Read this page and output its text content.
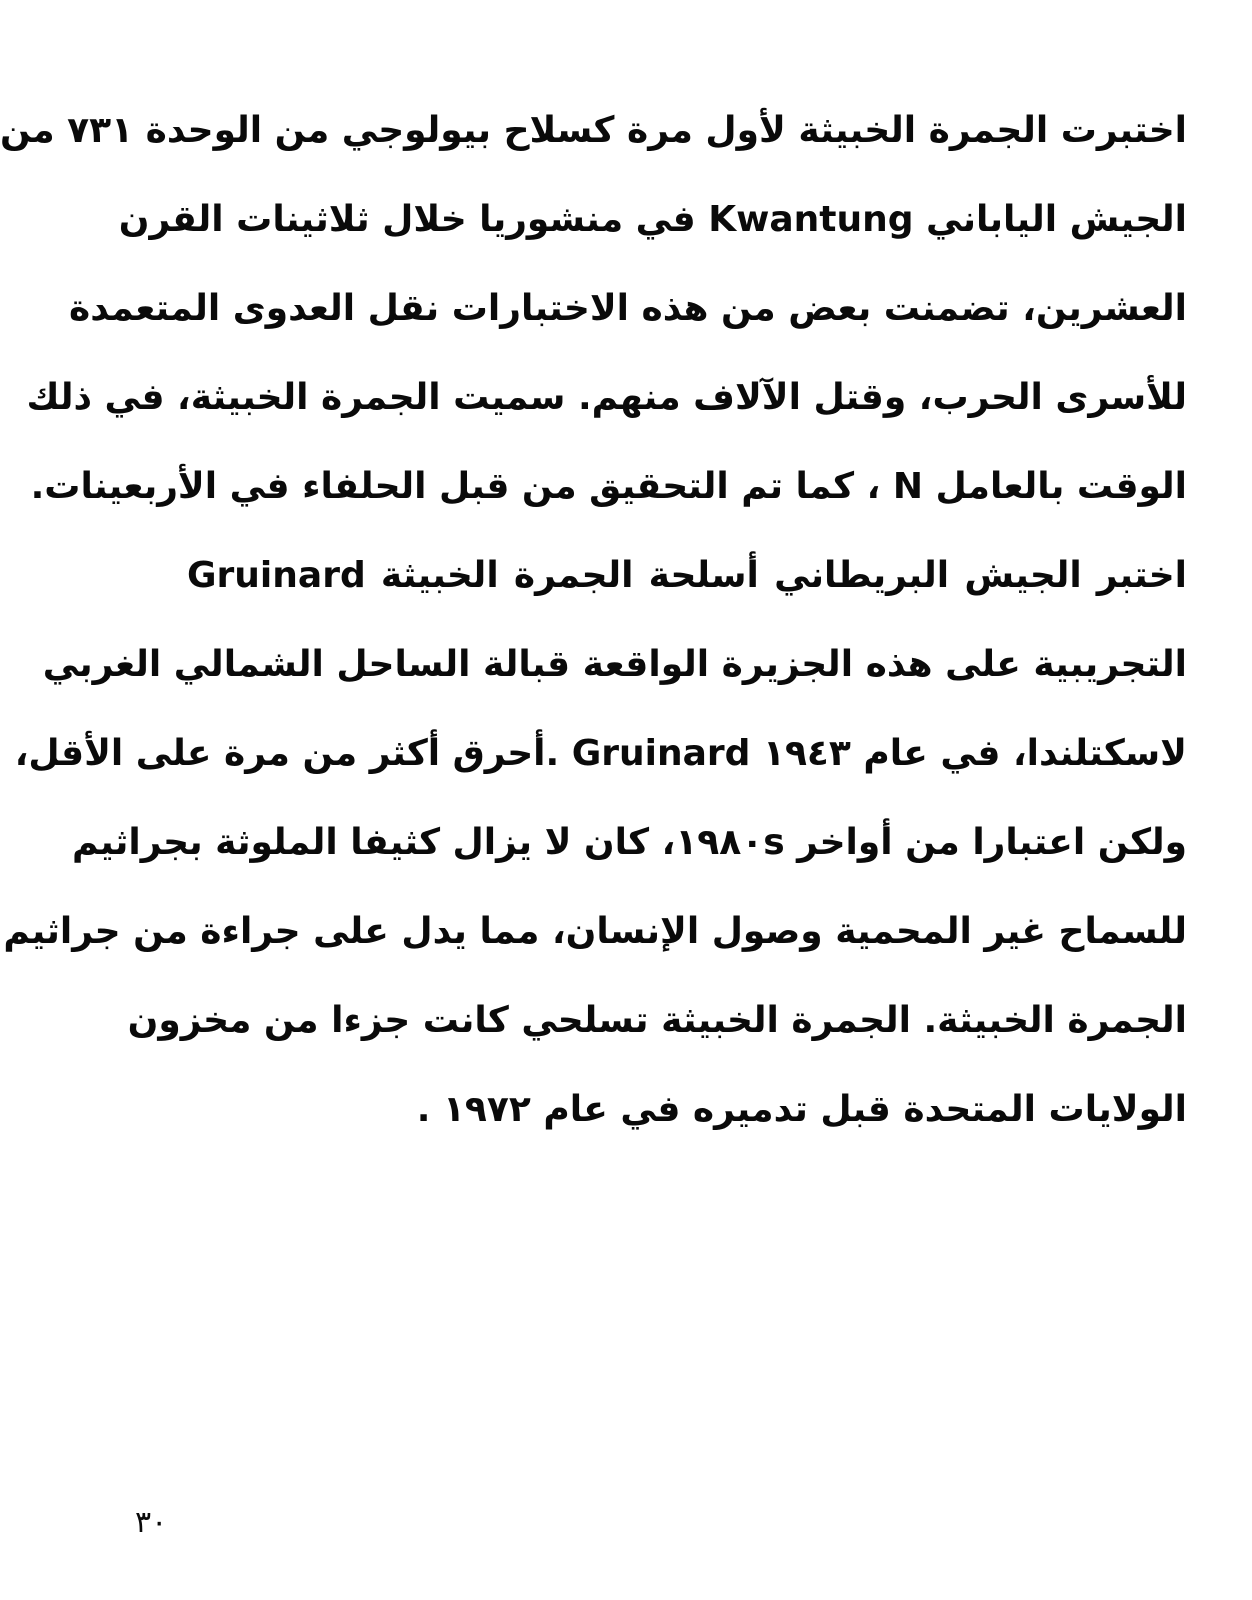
اختبرت الجمرة الخبيثة لأول مرة كسلاح بيولوجي من الوحدة ٧٣١ من
الجيش الياباني Kwantung في منشوريا خلال ثلاثينات القرن
العشرين، تضمنت بعض من هذه الاختبارات نقل العدوى المتعمدة
للأسرى الحرب، وقتل الآلاف منهم. سميت الجمرة الخبيثة، في ذلك
الوقت بالعامل N ، كما تم التحقيق من قبل الحلفاء في الأربعينات.
اختبر الجيش البريطاني أسلحة الجمرة الخبيثة Gruinard
التجريبية على هذه الجزيرة الواقعة قبالة الساحل الشمالي الغربي
لاسكتلندا، في عام ١٩٤٣ Gruinard .أحرق أكثر من مرة على الأقل،
ولكن اعتبارا من أواخر ١٩٨٠s، كان لا يزال كثيفا الملوثة بجراثيم
للسماح غير المحمية وصول الإنسان، مما يدل على جراءة من جراثيم
الجمرة الخبيثة. الجمرة الخبيثة تسلحي كانت جزءا من مخزون
الولايات المتحدة قبل تدميره في عام ١٩٧٢ .
٣٠
